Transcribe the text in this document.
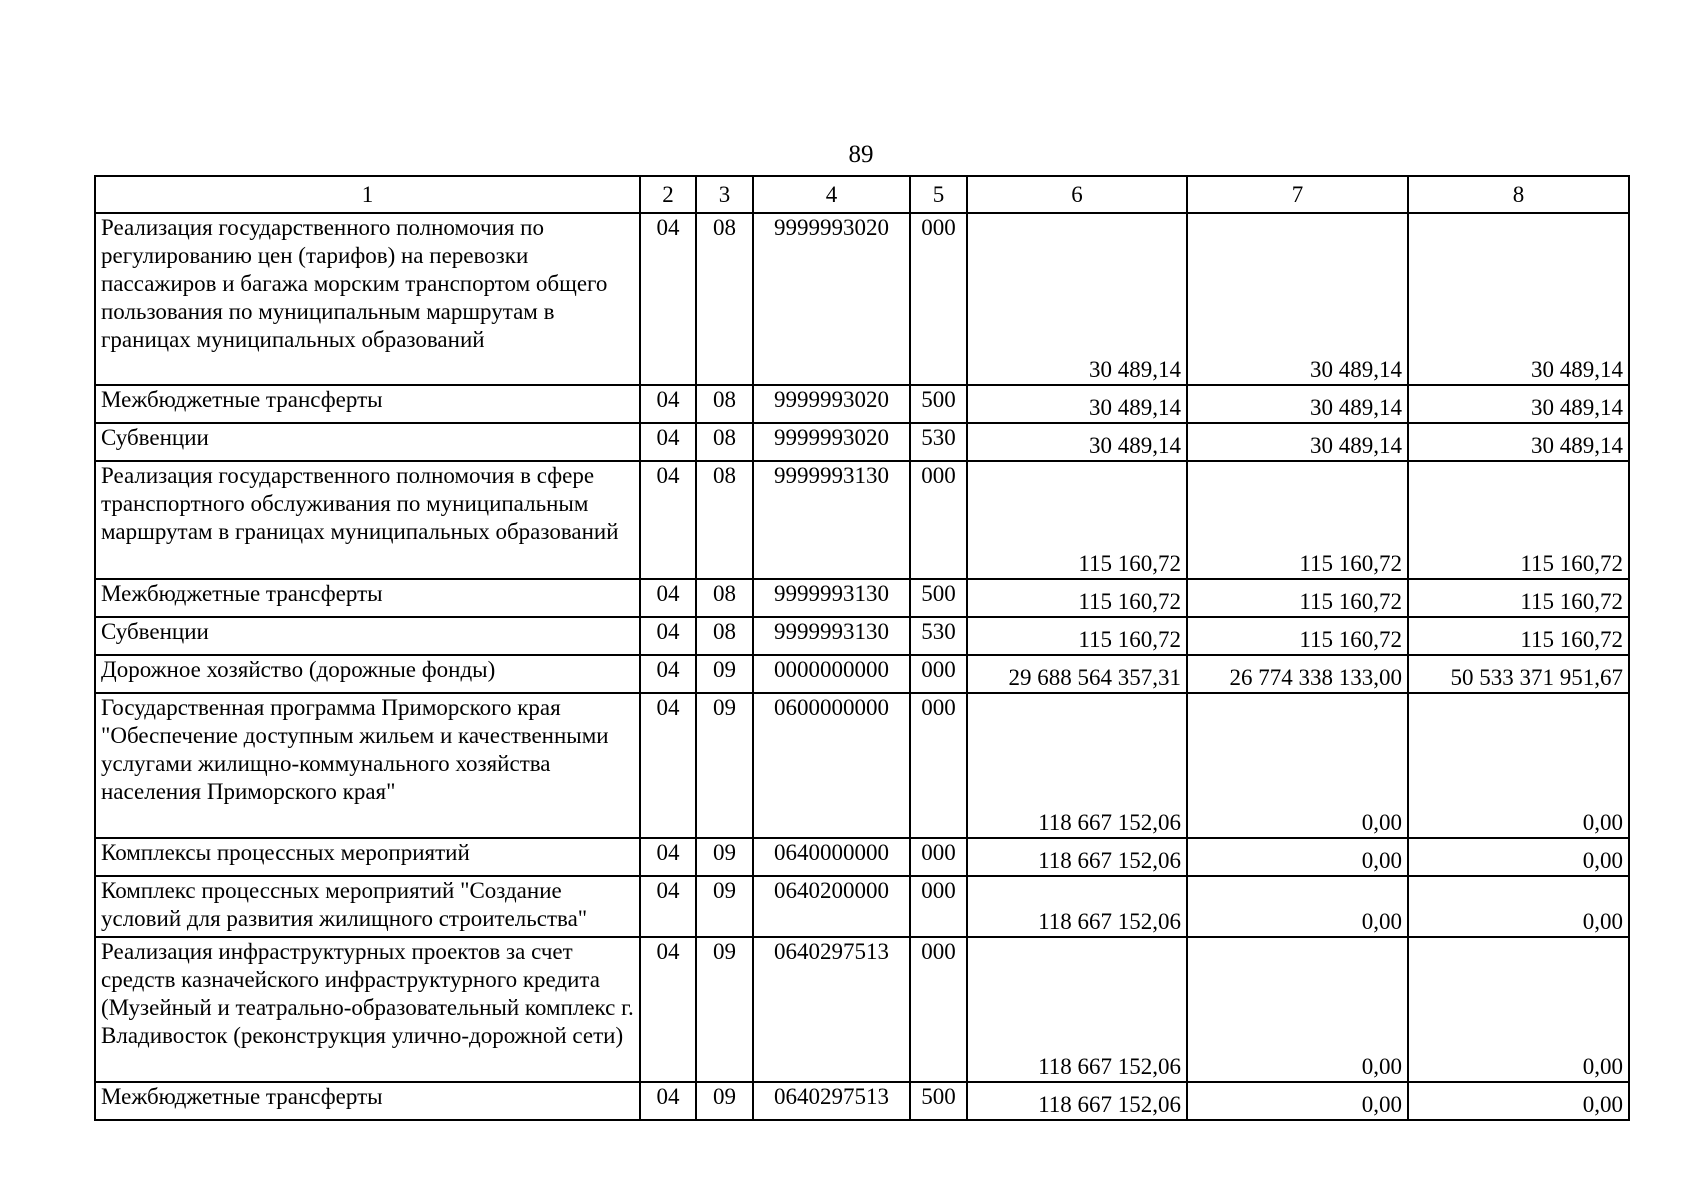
89
1	2	3	4	5	6	7	8
Реализация государственного полномочия по регулированию цен (тарифов) на перевозки пассажиров и багажа морским транспортом общего пользования по муниципальным маршрутам в границах муниципальных образований	04	08	9999993020	000	30 489,14	30 489,14	30 489,14
Межбюджетные трансферты	04	08	9999993020	500	30 489,14	30 489,14	30 489,14
Субвенции	04	08	9999993020	530	30 489,14	30 489,14	30 489,14
Реализация государственного полномочия в сфере транспортного обслуживания по муниципальным маршрутам в границах муниципальных образований	04	08	9999993130	000	115 160,72	115 160,72	115 160,72
Межбюджетные трансферты	04	08	9999993130	500	115 160,72	115 160,72	115 160,72
Субвенции	04	08	9999993130	530	115 160,72	115 160,72	115 160,72
Дорожное хозяйство (дорожные фонды)	04	09	0000000000	000	29 688 564 357,31	26 774 338 133,00	50 533 371 951,67
Государственная программа Приморского края "Обеспечение доступным жильем и качественными услугами жилищно-коммунального хозяйства населения Приморского края"	04	09	0600000000	000	118 667 152,06	0,00	0,00
Комплексы процессных мероприятий	04	09	0640000000	000	118 667 152,06	0,00	0,00
Комплекс процессных мероприятий "Создание условий для развития жилищного строительства"	04	09	0640200000	000	118 667 152,06	0,00	0,00
Реализация инфраструктурных проектов за счет средств казначейского инфраструктурного кредита (Музейный и театрально-образовательный комплекс г. Владивосток (реконструкция улично-дорожной сети)	04	09	0640297513	000	118 667 152,06	0,00	0,00
Межбюджетные трансферты	04	09	0640297513	500	118 667 152,06	0,00	0,00
